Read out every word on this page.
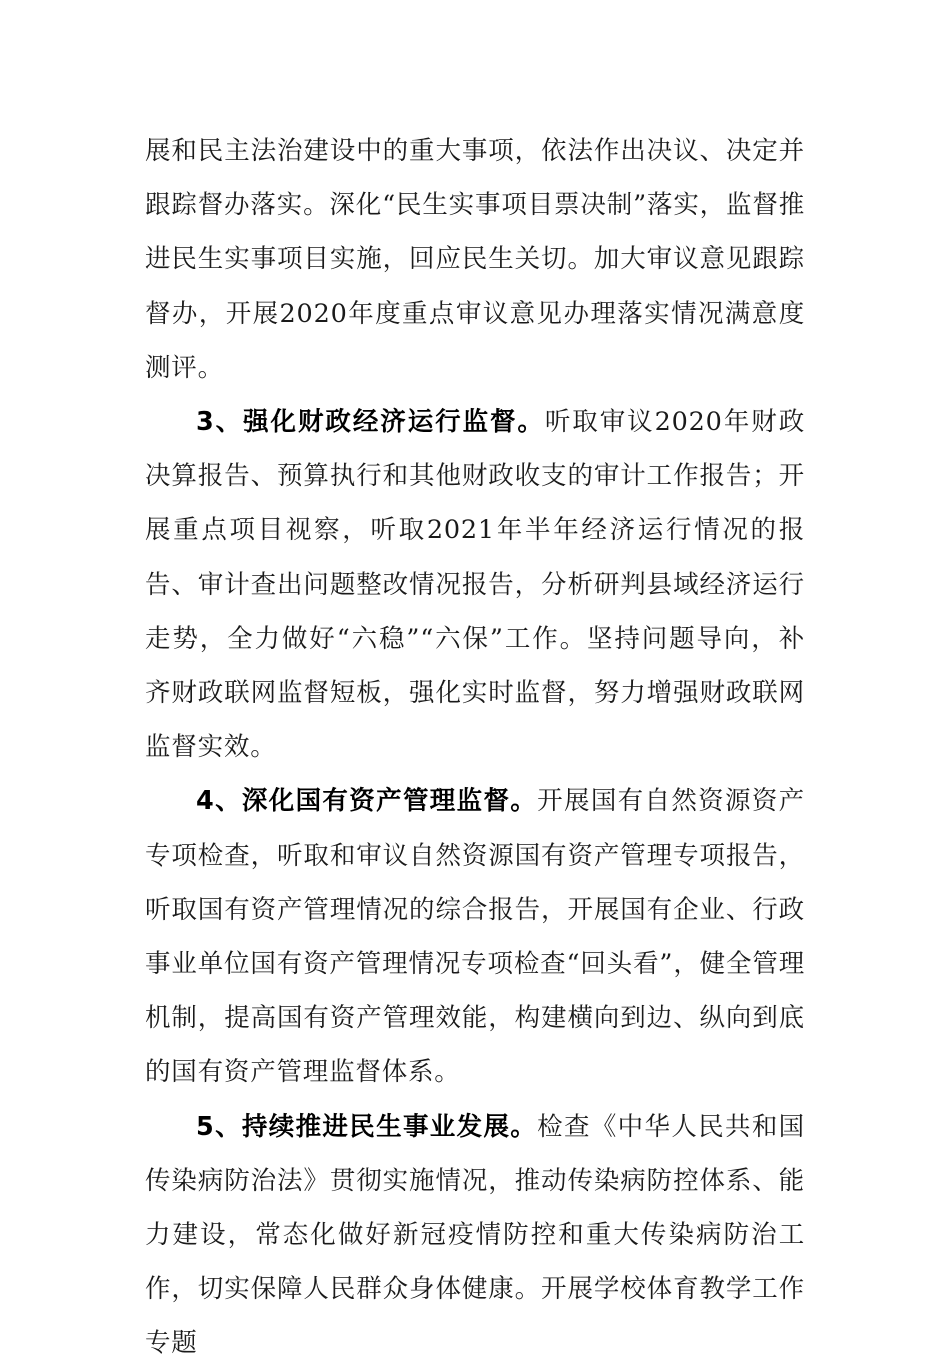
展和民主法治建设中的重大事项，依法作出决议、决定并跟踪督办落实。深化“民生实事项目票决制”落实，监督推进民生实事项目实施，回应民生关切。加大审议意见跟踪督办，开展2020年度重点审议意见办理落实情况满意度测评。

3、强化财政经济运行监督。听取审议2020年财政决算报告、预算执行和其他财政收支的审计工作报告；开展重点项目视察，听取2021年半年经济运行情况的报告、审计查出问题整改情况报告，分析研判县域经济运行走势，全力做好“六稳”“六保”工作。坚持问题导向，补齐财政联网监督短板，强化实时监督，努力增强财政联网监督实效。

4、深化国有资产管理监督。开展国有自然资源资产专项检查，听取和审议自然资源国有资产管理专项报告，听取国有资产管理情况的综合报告，开展国有企业、行政事业单位国有资产管理情况专项检查“回头看”，健全管理机制，提高国有资产管理效能，构建横向到边、纵向到底的国有资产管理监督体系。

5、持续推进民生事业发展。检查《中华人民共和国传染病防治法》贯彻实施情况，推动传染病防控体系、能力建设，常态化做好新冠疫情防控和重大传染病防治工作，切实保障人民群众身体健康。开展学校体育教学工作专题
